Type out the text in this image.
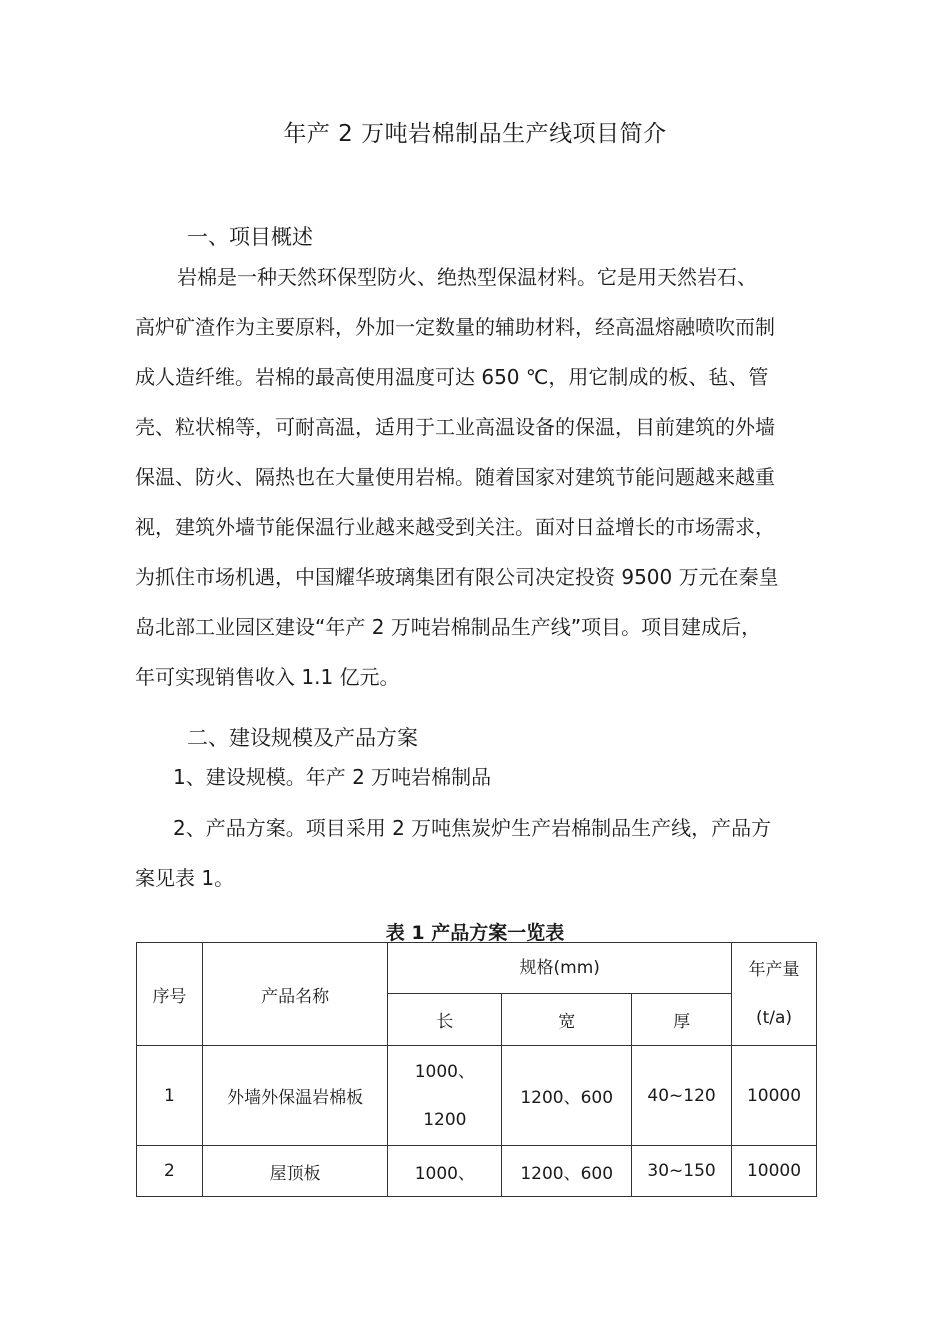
年产 2 万吨岩棉制品生产线项目简介
一、项目概述
岩棉是一种天然环保型防火、绝热型保温材料。它是用天然岩石、
高炉矿渣作为主要原料，外加一定数量的辅助材料，经高温熔融喷吹而制
成人造纤维。岩棉的最高使用温度可达 650 ℃，用它制成的板、毡、管
壳、粒状棉等，可耐高温，适用于工业高温设备的保温，目前建筑的外墙
保温、防火、隔热也在大量使用岩棉。随着国家对建筑节能问题越来越重
视，建筑外墙节能保温行业越来越受到关注。面对日益增长的市场需求，
为抓住市场机遇，中国耀华玻璃集团有限公司决定投资 9500 万元在秦皇
岛北部工业园区建设“年产 2 万吨岩棉制品生产线”项目。项目建成后，
年可实现销售收入 1.1 亿元。
二、建设规模及产品方案
1、建设规模。年产 2 万吨岩棉制品
2、产品方案。项目采用 2 万吨焦炭炉生产岩棉制品生产线，产品方
案见表 1。
表 1 产品方案一览表
序号	产品名称	规格(mm)			年产量
(t/a)

		长	宽	厚	
1	外墙外保温岩棉板	1000、
1200	1200、600	40~120	10000
2	屋顶板	1000、	1200、600	30~150	10000
